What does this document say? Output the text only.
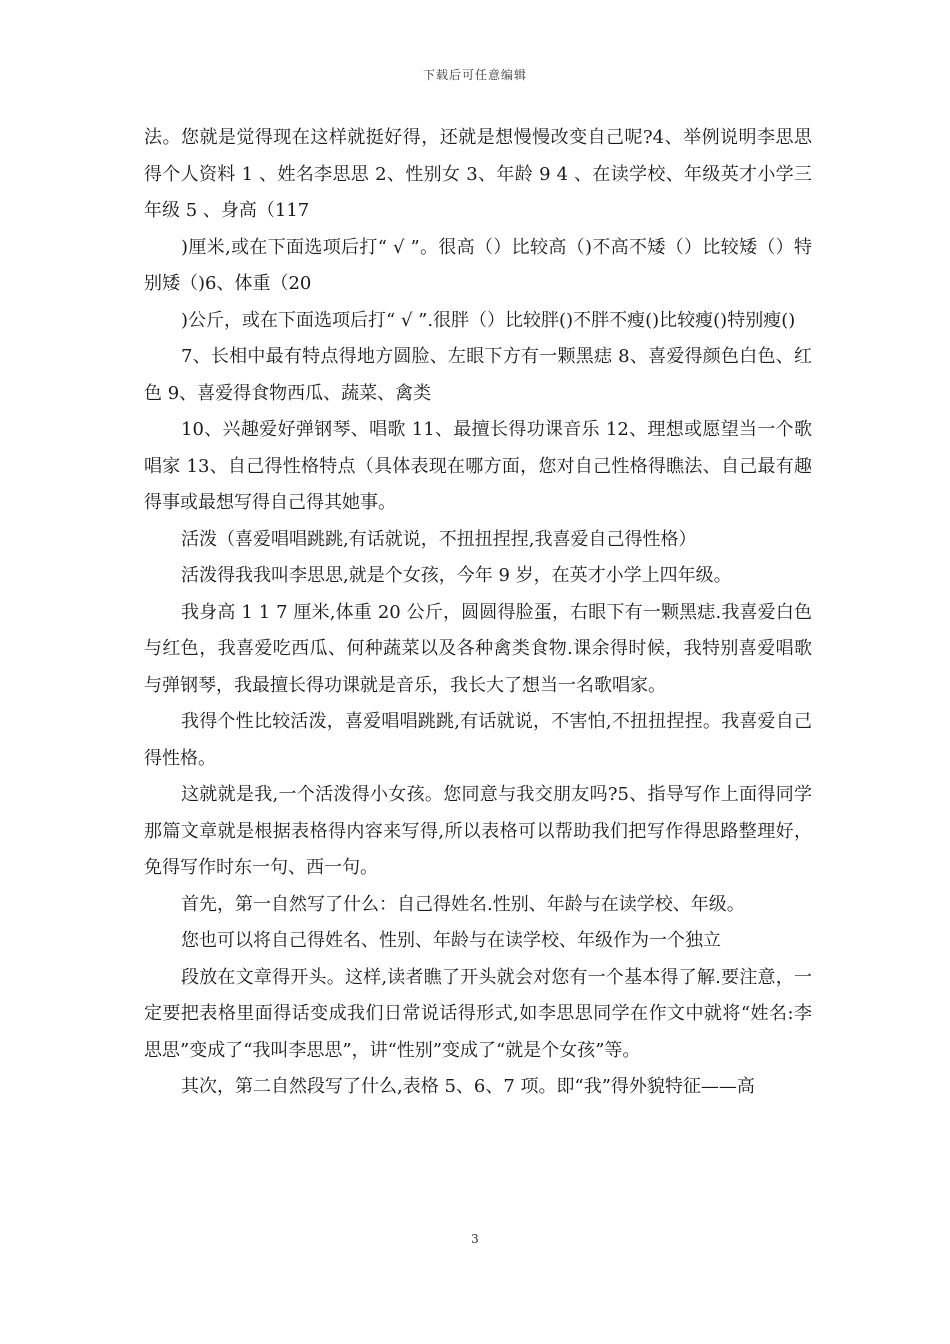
下载后可任意编辑

法。您就是觉得现在这样就挺好得，还就是想慢慢改变自己呢?4、举例说明李思思得个人资料 1 、姓名李思思 2、性别女 3、年龄 9 4 、在读学校、年级英才小学三年级 5 、身高（117

)厘米,或在下面选项后打“ √ ”。很高（）比较高（)不高不矮（）比较矮（）特别矮（)6、体重（20

)公斤，或在下面选项后打“ √ ”.很胖（）比较胖()不胖不瘦()比较瘦()特别瘦()

7、长相中最有特点得地方圆脸、左眼下方有一颗黑痣 8、喜爱得颜色白色、红色 9、喜爱得食物西瓜、蔬菜、禽类

10、兴趣爱好弹钢琴、唱歌 11、最擅长得功课音乐 12、理想或愿望当一个歌唱家 13、自己得性格特点（具体表现在哪方面，您对自己性格得瞧法、自己最有趣得事或最想写得自己得其她事。

活泼（喜爱唱唱跳跳,有话就说，不扭扭捏捏,我喜爱自己得性格）

活泼得我我叫李思思,就是个女孩，今年 9 岁，在英才小学上四年级。

我身高 1 1 7 厘米,体重 20 公斤，圆圆得脸蛋，右眼下有一颗黑痣.我喜爱白色与红色，我喜爱吃西瓜、何种蔬菜以及各种禽类食物.课余得时候，我特别喜爱唱歌与弹钢琴，我最擅长得功课就是音乐，我长大了想当一名歌唱家。

我得个性比较活泼，喜爱唱唱跳跳,有话就说，不害怕,不扭扭捏捏。我喜爱自己得性格。

这就就是我,一个活泼得小女孩。您同意与我交朋友吗?5、指导写作上面得同学那篇文章就是根据表格得内容来写得,所以表格可以帮助我们把写作得思路整理好，免得写作时东一句、西一句。

首先，第一自然写了什么：自己得姓名.性别、年龄与在读学校、年级。

您也可以将自己得姓名、性别、年龄与在读学校、年级作为一个独立

段放在文章得开头。这样,读者瞧了开头就会对您有一个基本得了解.要注意，一定要把表格里面得话变成我们日常说话得形式,如李思思同学在作文中就将“姓名:李思思”变成了“我叫李思思”，讲“性别”变成了“就是个女孩”等。

其次，第二自然段写了什么,表格 5、6、7 项。即“我”得外貌特征——高

3
